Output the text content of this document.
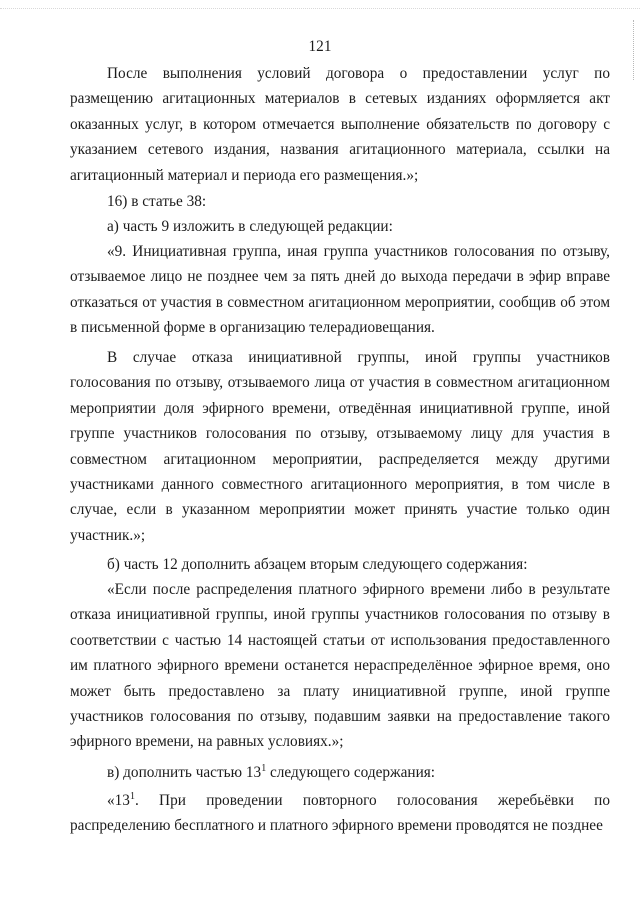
121

После выполнения условий договора о предоставлении услуг по размещению агитационных материалов в сетевых изданиях оформляется акт оказанных услуг, в котором отмечается выполнение обязательств по договору с указанием сетевого издания, названия агитационного материала, ссылки на агитационный материал и периода его размещения.»;

16) в статье 38:

а) часть 9 изложить в следующей редакции:

«9. Инициативная группа, иная группа участников голосования по отзыву, отзываемое лицо не позднее чем за пять дней до выхода передачи в эфир вправе отказаться от участия в совместном агитационном мероприятии, сообщив об этом в письменной форме в организацию телерадиовещания.

В случае отказа инициативной группы, иной группы участников голосования по отзыву, отзываемого лица от участия в совместном агитационном мероприятии доля эфирного времени, отведённая инициативной группе, иной группе участников голосования по отзыву, отзываемому лицу для участия в совместном агитационном мероприятии, распределяется между другими участниками данного совместного агитационного мероприятия, в том числе в случае, если в указанном мероприятии может принять участие только один участник.»;

б) часть 12 дополнить абзацем вторым следующего содержания:

«Если после распределения платного эфирного времени либо в результате отказа инициативной группы, иной группы участников голосования по отзыву в соответствии с частью 14 настоящей статьи от использования предоставленного им платного эфирного времени останется нераспределённое эфирное время, оно может быть предоставлено за плату инициативной группе, иной группе участников голосования по отзыву, подавшим заявки на предоставление такого эфирного времени, на равных условиях.»;

в) дополнить частью $13^1$ следующего содержания:

«$13^1$. При проведении повторного голосования жеребьёвки по распределению бесплатного и платного эфирного времени проводятся не позднее
